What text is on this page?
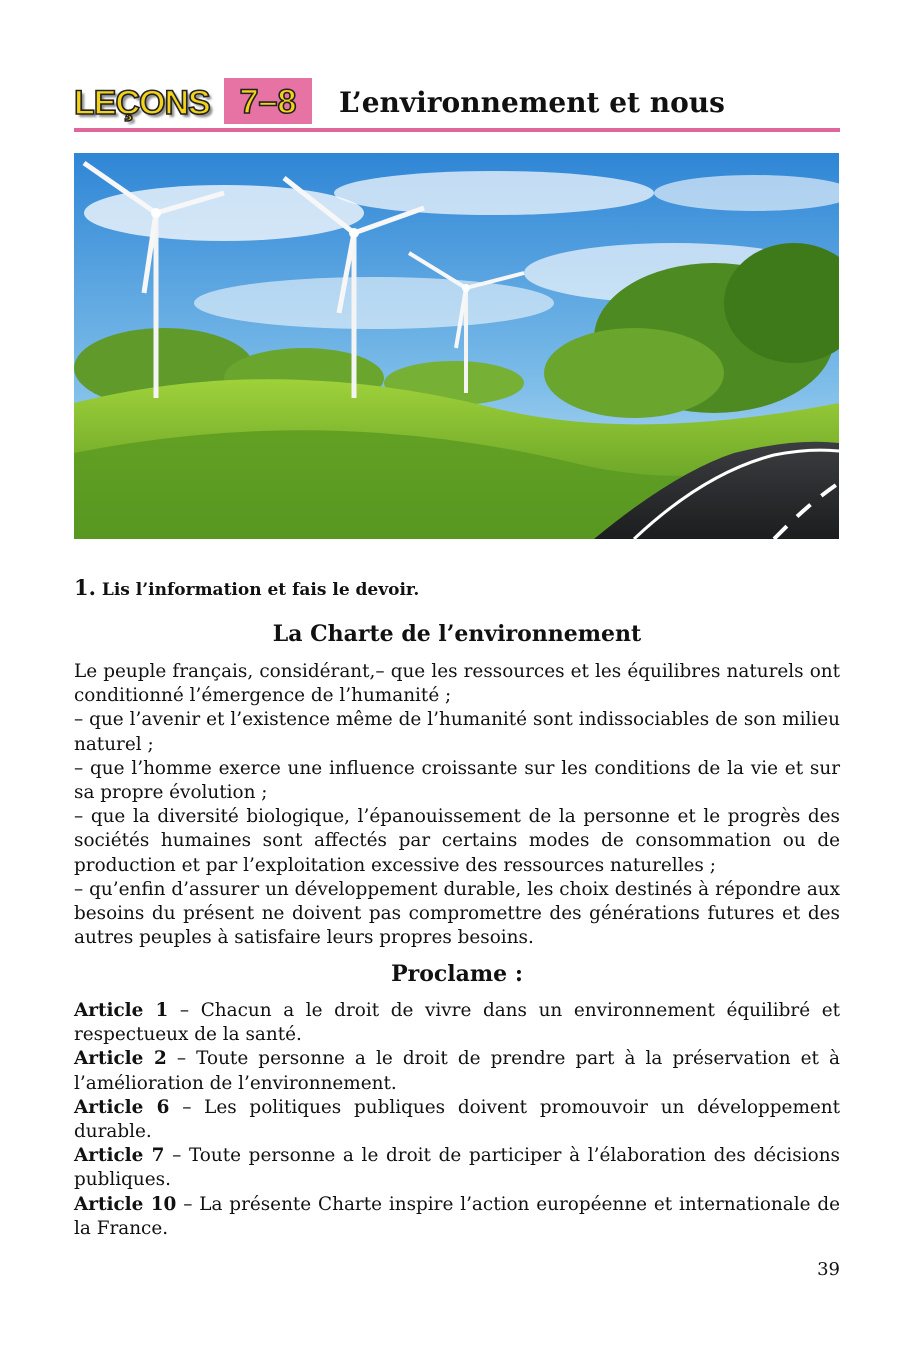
LEÇONS 7–8	L’environnement et nous
1. Lis l’information et fais le devoir.
La Charte de l’environnement

Le peuple français, considérant,– que les ressources et les équilibres naturels ont conditionné l’émergence de l’humanité ;

– que l’avenir et l’existence même de l’humanité sont indissociables de son milieu naturel ;

– que l’homme exerce une influence croissante sur les conditions de la vie et sur sa propre évolution ;

– que la diversité biologique, l’épanouissement de la personne et le progrès des sociétés humaines sont affectés par certains modes de consommation ou de production et par l’exploitation excessive des ressources naturelles ;

– qu’enfin d’assurer un développement durable, les choix destinés à répondre aux besoins du présent ne doivent pas compromettre des générations futures et des autres peuples à satisfaire leurs propres besoins.

Proclame :

Article 1 – Chacun a le droit de vivre dans un environnement équilibré et respectueux de la santé.

Article 2 – Toute personne a le droit de prendre part à la préservation et à l’amélioration de l’environnement.

Article 6 – Les politiques publiques doivent promouvoir un développement durable.

Article 7 – Toute personne a le droit de participer à l’élaboration des décisions publiques.

Article 10 – La présente Charte inspire l’action européenne et internationale de la France.

39
